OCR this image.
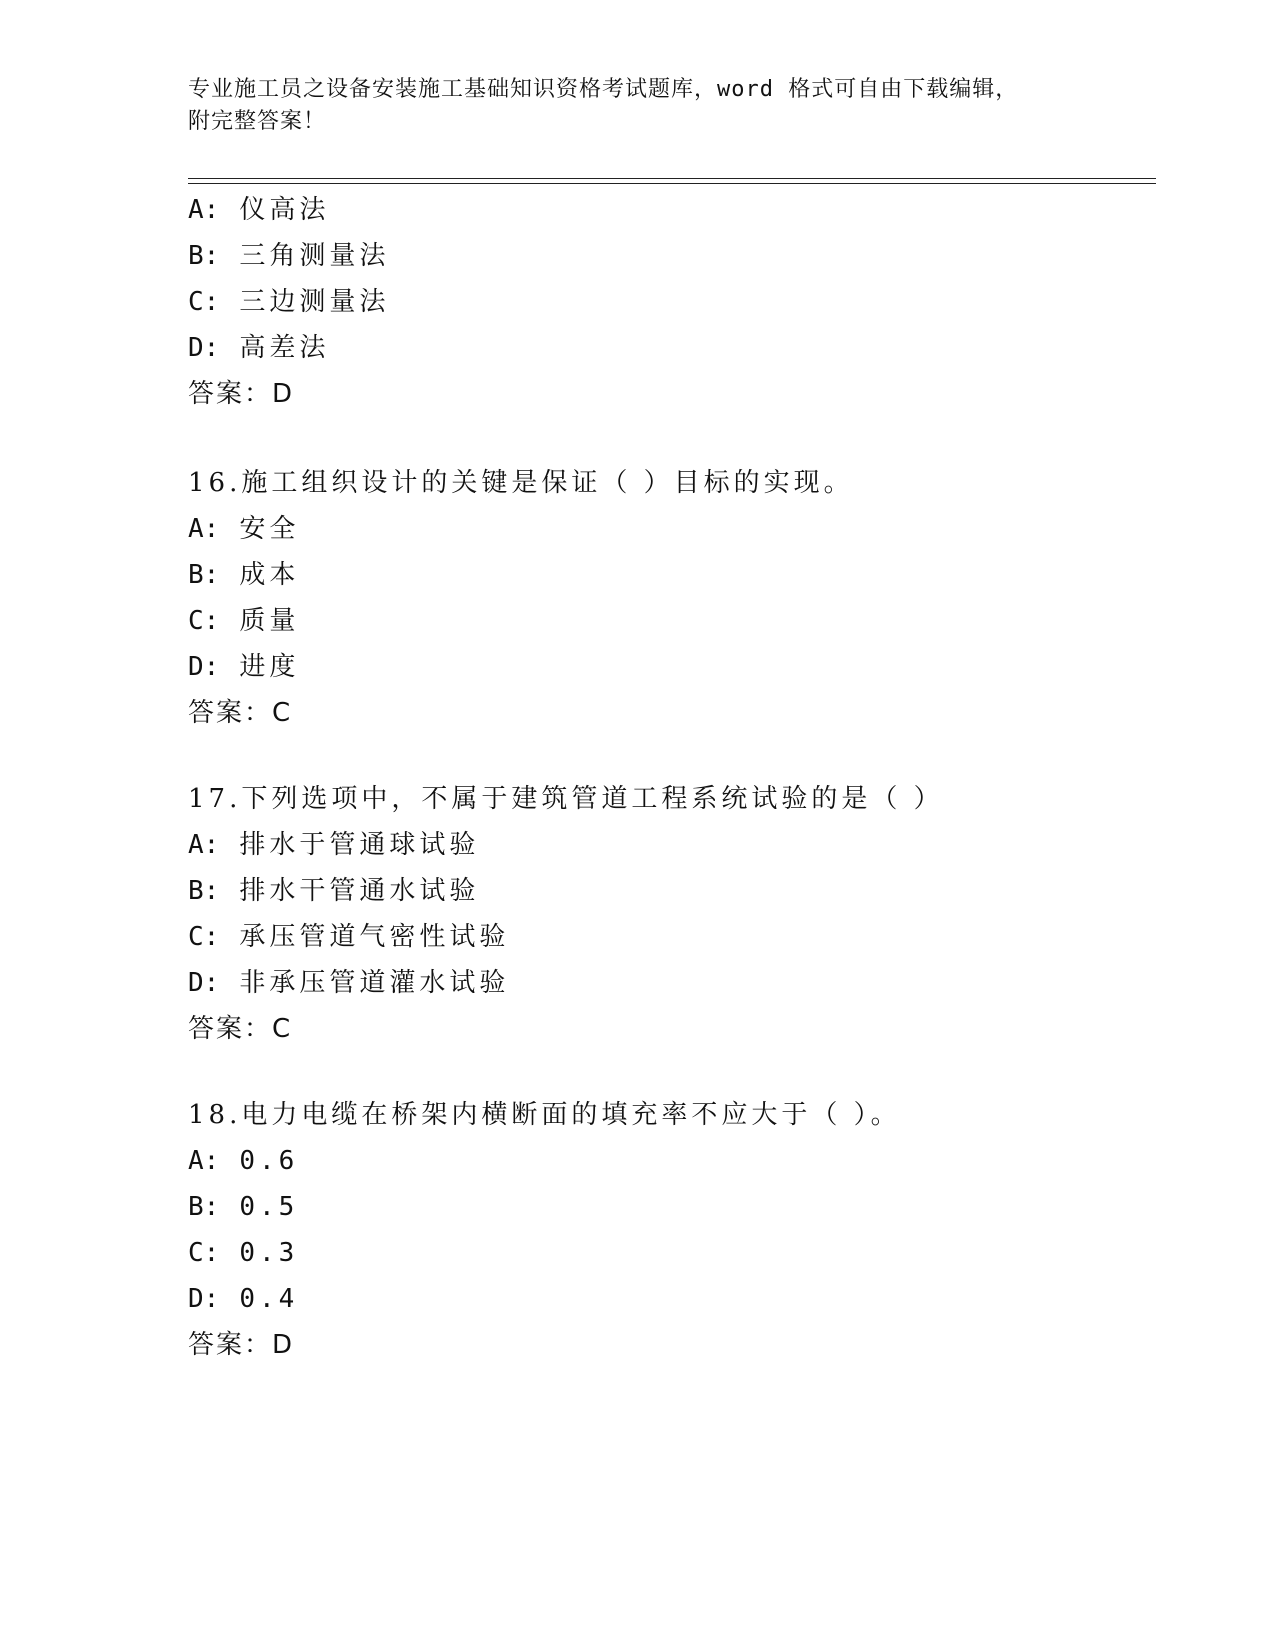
专业施工员之设备安装施工基础知识资格考试题库，word 格式可自由下载编辑，
附完整答案！
A: 仪高法
B: 三角测量法
C: 三边测量法
D: 高差法
答案：D
16.施工组织设计的关键是保证（ ）目标的实现。
A: 安全
B: 成本
C: 质量
D: 进度
答案：C
17.下列选项中，不属于建筑管道工程系统试验的是（ ）
A: 排水于管通球试验
B: 排水干管通水试验
C: 承压管道气密性试验
D: 非承压管道灌水试验
答案：C
18.电力电缆在桥架内横断面的填充率不应大于（ ）。
A: 0.6
B: 0.5
C: 0.3
D: 0.4
答案：D
